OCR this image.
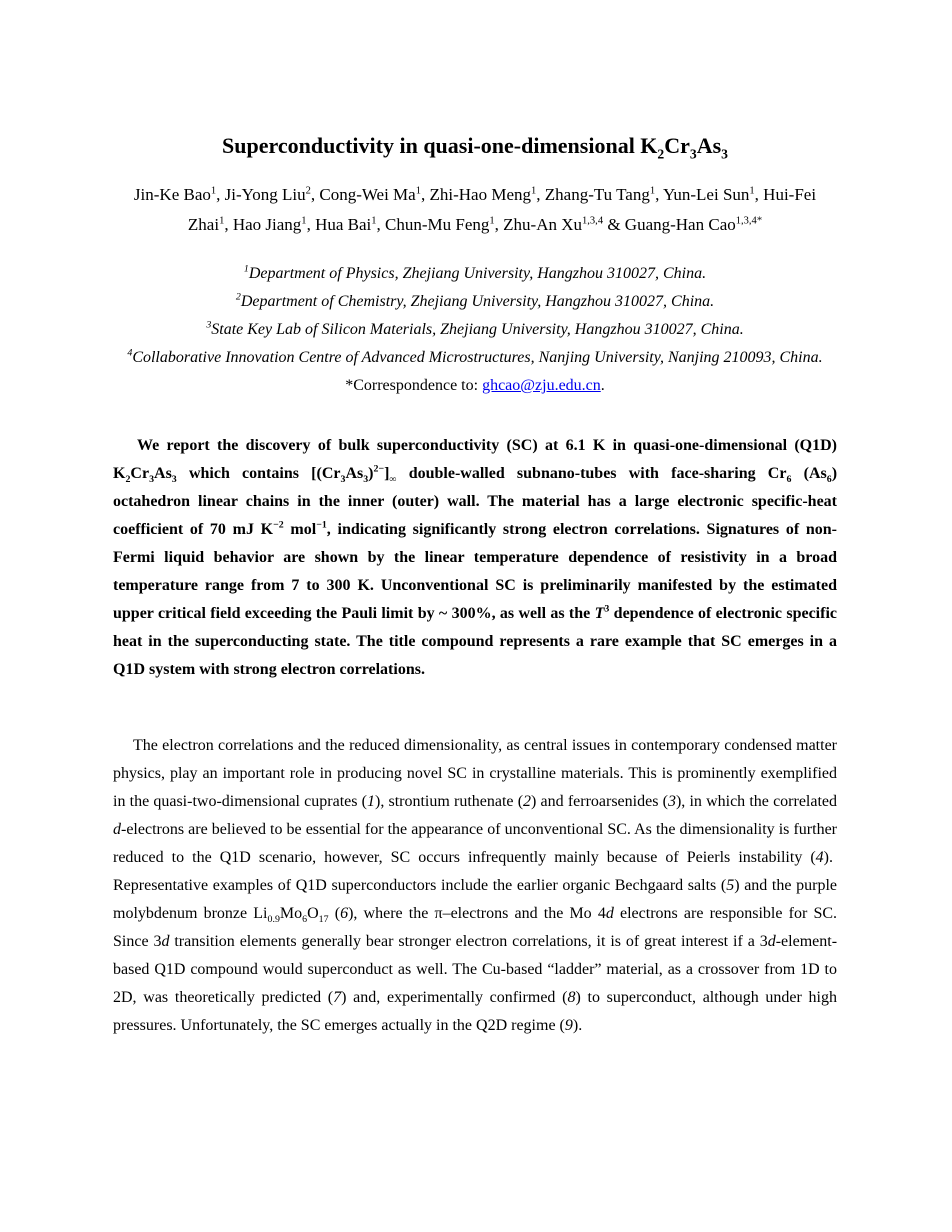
Superconductivity in quasi-one-dimensional $K_2Cr_3As_3$

Jin-Ke Bao$^1$, Ji-Yong Liu$^2$, Cong-Wei Ma$^1$, Zhi-Hao Meng$^1$, Zhang-Tu Tang$^1$, Yun-Lei Sun$^1$, Hui-Fei Zhai$^1$, Hao Jiang$^1$, Hua Bai$^1$, Chun-Mu Feng$^1$, Zhu-An Xu$^{1,3,4}$ & Guang-Han Cao$^{1,3,4*}$

$^1$Department of Physics, Zhejiang University, Hangzhou 310027, China.

$^2$Department of Chemistry, Zhejiang University, Hangzhou 310027, China.

$^3$State Key Lab of Silicon Materials, Zhejiang University, Hangzhou 310027, China.

$^4$Collaborative Innovation Centre of Advanced Microstructures, Nanjing University, Nanjing 210093, China.

*Correspondence to: ghcao@zju.edu.cn.

We report the discovery of bulk superconductivity (SC) at 6.1 K in quasi-one-dimensional (Q1D) $K_2Cr_3As_3$ which contains $[(Cr_3As_3)^{2-}]_\infty$ double-walled subnano-tubes with face-sharing $Cr_6$ $(As_6)$ octahedron linear chains in the inner (outer) wall. The material has a large electronic specific-heat coefficient of 70 mJ $K^{-2}$ mol$^{-1}$, indicating significantly strong electron correlations. Signatures of non-Fermi liquid behavior are shown by the linear temperature dependence of resistivity in a broad temperature range from 7 to 300 K. Unconventional SC is preliminarily manifested by the estimated upper critical field exceeding the Pauli limit by ~ 300%, as well as the $T^3$ dependence of electronic specific heat in the superconducting state. The title compound represents a rare example that SC emerges in a Q1D system with strong electron correlations.

The electron correlations and the reduced dimensionality, as central issues in contemporary condensed matter physics, play an important role in producing novel SC in crystalline materials. This is prominently exemplified in the quasi-two-dimensional cuprates (1), strontium ruthenate (2) and ferroarsenides (3), in which the correlated d-electrons are believed to be essential for the appearance of unconventional SC. As the dimensionality is further reduced to the Q1D scenario, however, SC occurs infrequently mainly because of Peierls instability (4).  Representative examples of Q1D superconductors include the earlier organic Bechgaard salts (5) and the purple molybdenum bronze $Li_{0.9}Mo_6O_{17}$ (6), where the π–electrons and the Mo 4d electrons are responsible for SC. Since 3d transition elements generally bear stronger electron correlations, it is of great interest if a 3d-element-based Q1D compound would superconduct as well. The Cu-based “ladder” material, as a crossover from 1D to 2D, was theoretically predicted (7) and, experimentally confirmed (8) to superconduct, although under high pressures. Unfortunately, the SC emerges actually in the Q2D regime (9).
